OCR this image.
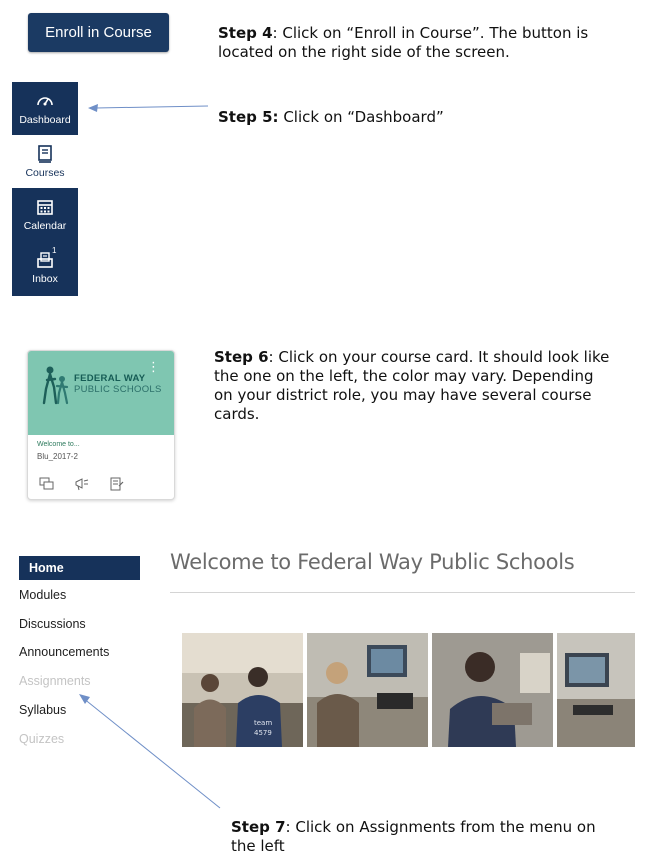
Enroll in Course	Step 4: Click on “Enroll in Course”. The button is
located on the right side of the screen.
Dashboard
Courses
Calendar
1
Inbox
Step 5: Click on “Dashboard”
FEDERAL WAY
PUBLIC SCHOOLS
⋮
Welcome to...
Blu_2017-2
Step 6: Click on your course card. It should look like
the one on the left, the color may vary. Depending
on your district role, you may have several course
cards.
Home
Modules
Discussions
Announcements
Assignments
Syllabus
Quizzes
Welcome to Federal Way Public Schools
team
4579
Step 7: Click on Assignments from the menu on
the left
